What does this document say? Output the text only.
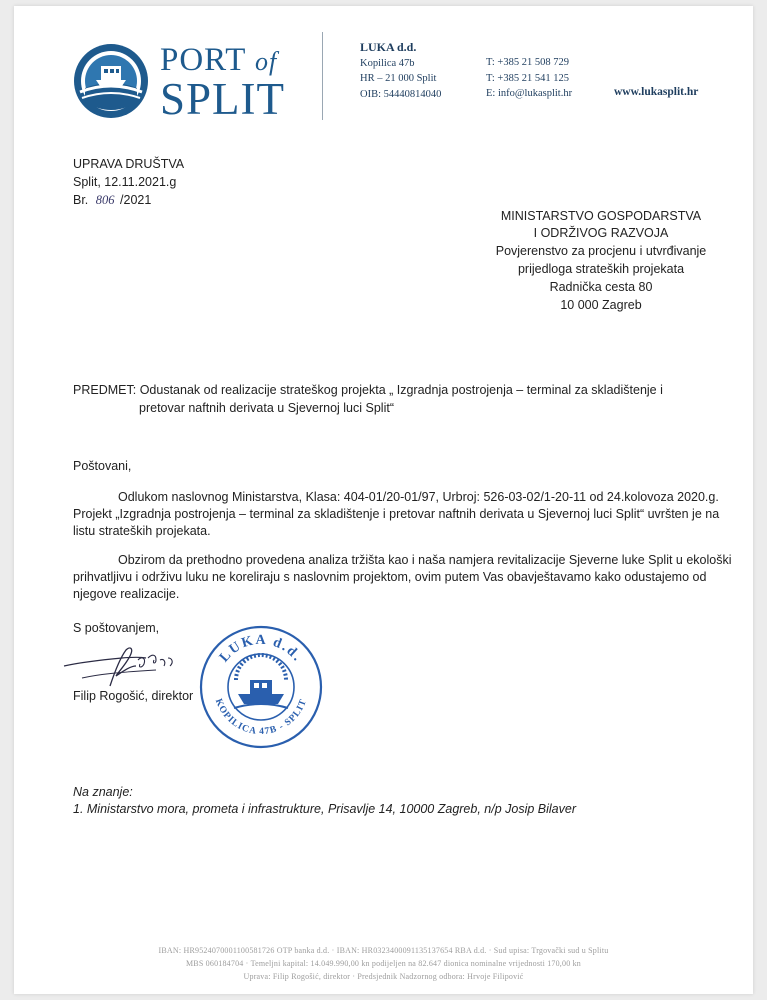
PORT of
SPLIT
LUKA d.d.
Kopilica 47b
HR – 21 000 Split
OIB: 54440814040
T: +385 21 508 729
T: +385 21 541 125
E: info@lukasplit.hr	www.lukasplit.hr
UPRAVA DRUŠTVA
Split, 12.11.2021.g
Br. 806 /2021
MINISTARSTVO GOSPODARSTVA
I ODRŽIVOG RAZVOJA
Povjerenstvo za procjenu i utvrđivanje
prijedloga strateških projekata
Radnička cesta 80
10 000 Zagreb
PREDMET: Odustanak od realizacije strateškog projekta „ Izgradnja postrojenja – terminal za skladištenje i
pretovar naftnih derivata u Sjevernoj luci Split“
Poštovani,
Odlukom naslovnog Ministarstva, Klasa: 404-01/20-01/97, Urbroj: 526-03-02/1-20-11 od 24.kolovoza 2020.g.
Projekt „Izgradnja postrojenja – terminal za skladištenje i pretovar naftnih derivata u Sjevernoj luci Split“ uvršten je na
listu strateških projekata.
Obzirom da prethodno provedena analiza tržišta kao i naša namjera revitalizacije Sjeverne luke Split u ekološki
prihvatljivu i održivu luku ne koreliraju s naslovnim projektom, ovim putem Vas obavještavamo kako odustajemo od
njegove realizacije.
S poštovanjem,
Filip Rogošić, direktor
LUKA d.d.
KOPILICA 47B - SPLIT
Na znanje:
1. Ministarstvo mora, prometa i infrastrukture, Prisavlje 14, 10000 Zagreb, n/p Josip Bilaver
IBAN: HR9524070001100581726 OTP banka d.d. · IBAN: HR0323400091135137654 RBA d.d. · Sud upisa: Trgovački sud u Splitu
MBS 060184704 · Temeljni kapital: 14.049.990,00 kn podijeljen na 82.647 dionica nominalne vrijednosti 170,00 kn
Uprava: Filip Rogošić, direktor · Predsjednik Nadzornog odbora: Hrvoje Filipović
